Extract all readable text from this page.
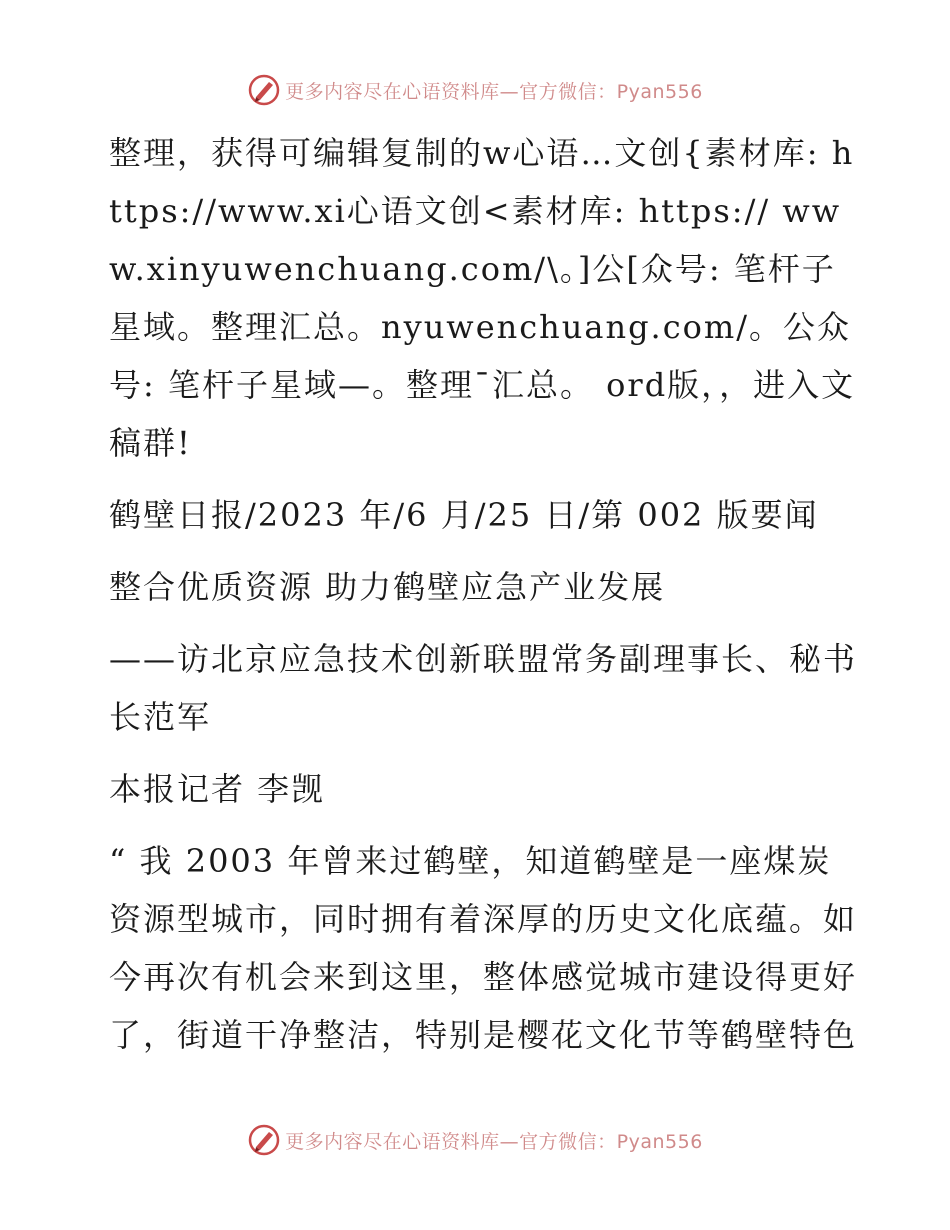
更多内容尽在心语资料库—官方微信：Pyan556

整理，获得可编辑复制的w心语…文创{素材库: https://www.xi心语文创<素材库: https:// www.xinyuwenchuang.com/\。]公[众号: 笔杆子星域。整理汇总。nyuwenchuang.com/。公众号: 笔杆子星域—。整理¯汇总。 ord版，，进入文稿群!

鹤壁日报/2023 年/6 月/25 日/第 002 版要闻

整合优质资源 助力鹤壁应急产业发展

——访北京应急技术创新联盟常务副理事长、秘书长范军

本报记者 李觊

“ 我 2003 年曾来过鹤壁，知道鹤壁是一座煤炭资源型城市，同时拥有着深厚的历史文化底蕴。如今再次有机会来到这里，整体感觉城市建设得更好了，街道干净整洁，特别是樱花文化节等鹤壁特色

更多内容尽在心语资料库—官方微信：Pyan556
